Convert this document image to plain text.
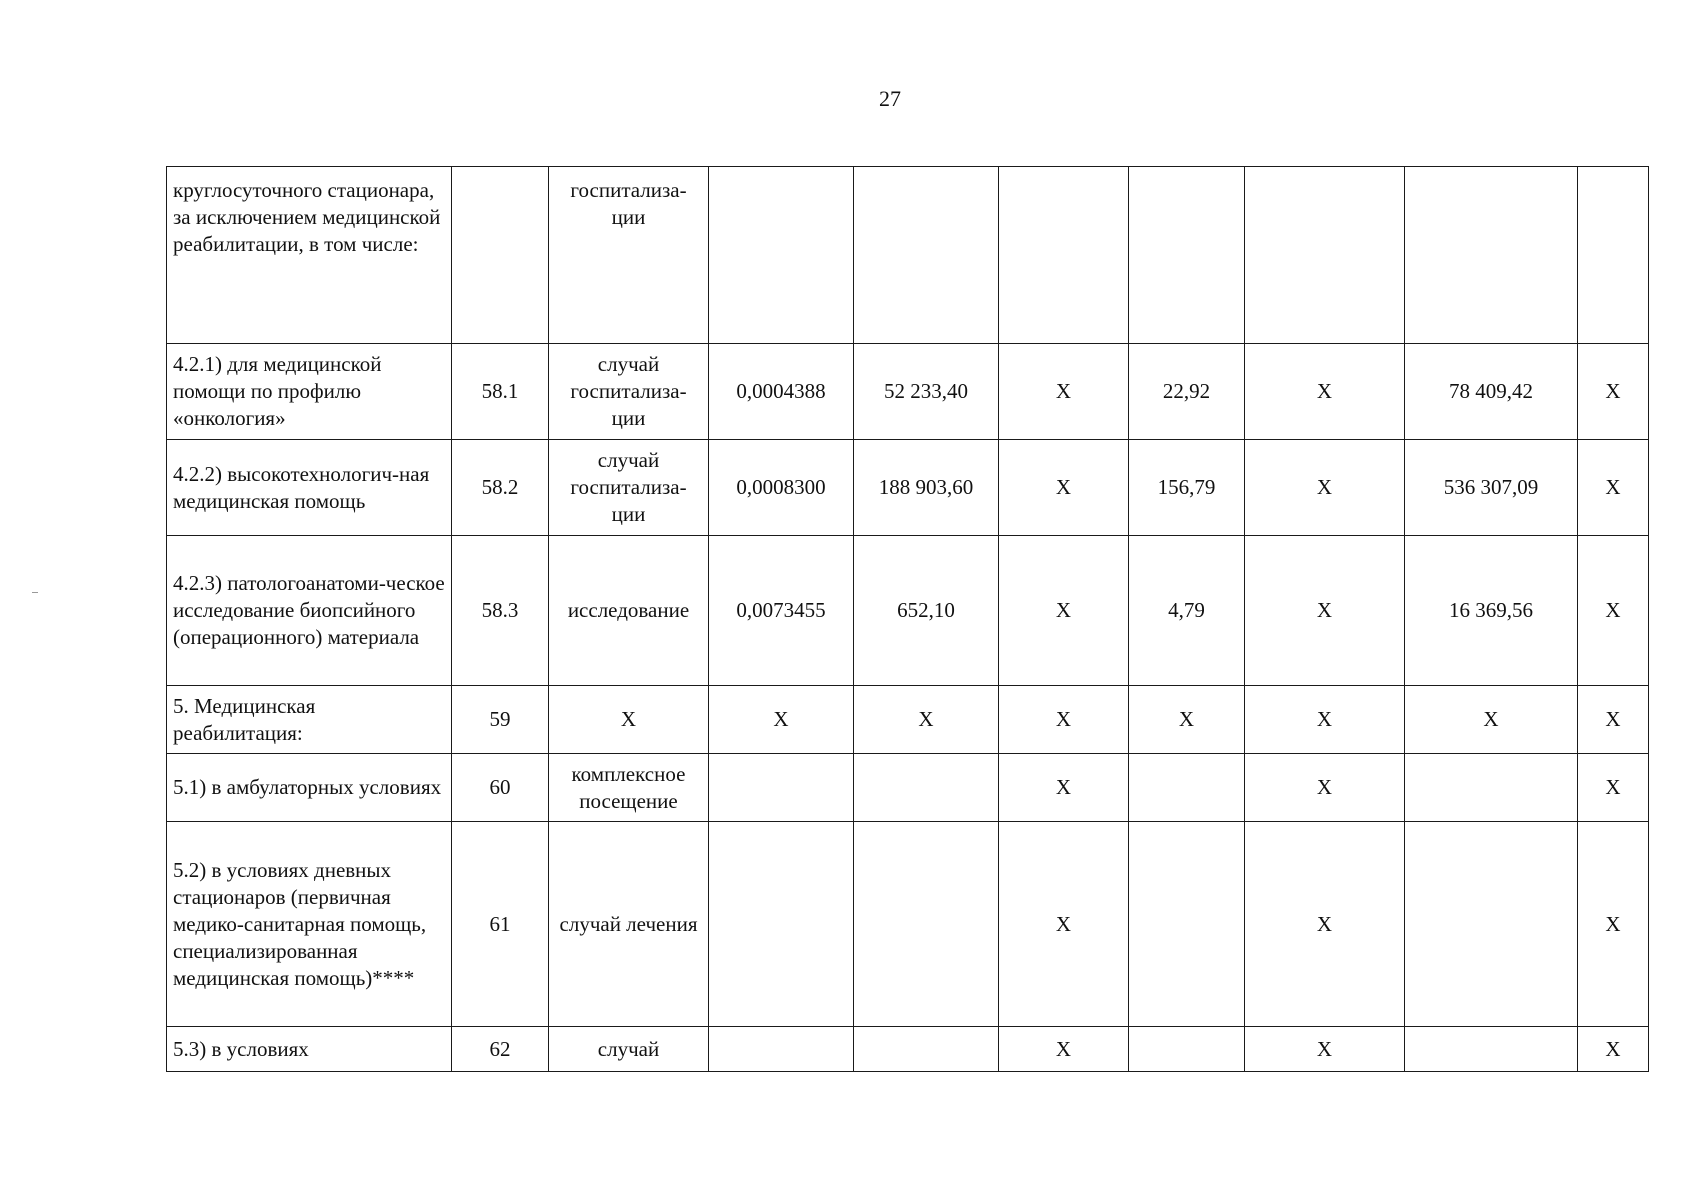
27
круглосуточного стационара, за исключением медицинской реабилитации, в том числе:		госпитализа-ции							
4.2.1) для медицинской помощи по профилю «онкология»	58.1	случай госпитализа-ции	0,0004388	52 233,40	X	22,92	X	78 409,42	X
4.2.2) высокотехнологич-ная медицинская помощь	58.2	случай госпитализа-ции	0,0008300	188 903,60	X	156,79	X	536 307,09	X
4.2.3) патологоанатоми-ческое исследование биопсийного (операционного) материала	58.3	исследование	0,0073455	652,10	X	4,79	X	16 369,56	X
5. Медицинская реабилитация:	59	X	X	X	X	X	X	X	X
5.1) в амбулаторных условиях	60	комплексное посещение			X		X		X
5.2) в условиях дневных стационаров (первичная медико-санитарная помощь, специализированная медицинская помощь)****	61	случай лечения			X		X		X
5.3) в условиях	62	случай			X		X		X
